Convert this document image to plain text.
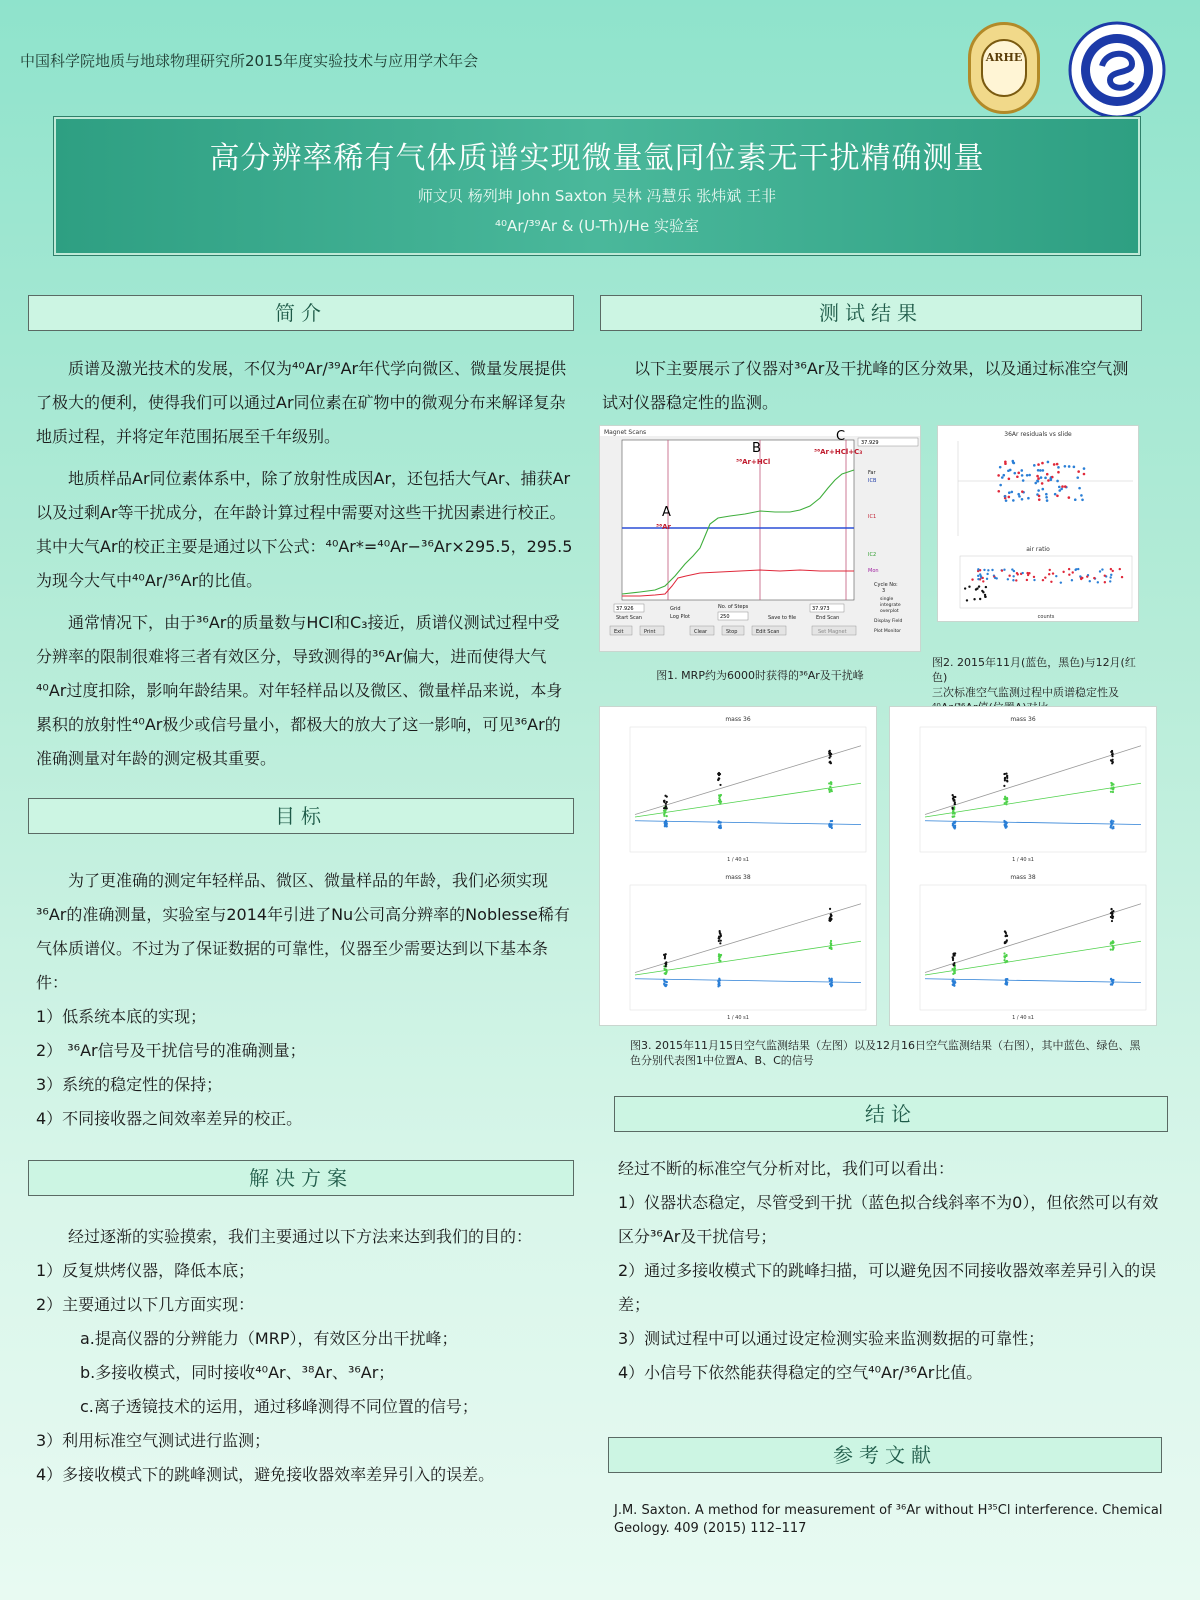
中国科学院地质与地球物理研究所2015年度实验技术与应用学术年会	ARHE
高分辨率稀有气体质谱实现微量氩同位素无干扰精确测量
师文贝 杨列坤 John Saxton 吴林 冯慧乐 张炜斌 王非
⁴⁰Ar/³⁹Ar & (U-Th)/He 实验室
简介

质谱及激光技术的发展，不仅为⁴⁰Ar/³⁹Ar年代学向微区、微量发展提供了极大的便利，使得我们可以通过Ar同位素在矿物中的微观分布来解译复杂地质过程，并将定年范围拓展至千年级别。

地质样品Ar同位素体系中，除了放射性成因Ar，还包括大气Ar、捕获Ar以及过剩Ar等干扰成分，在年龄计算过程中需要对这些干扰因素进行校正。其中大气Ar的校正主要是通过以下公式：⁴⁰Ar*=⁴⁰Ar−³⁶Ar×295.5，295.5为现今大气中⁴⁰Ar/³⁶Ar的比值。

通常情况下，由于³⁶Ar的质量数与HCl和C₃接近，质谱仪测试过程中受分辨率的限制很难将三者有效区分，导致测得的³⁶Ar偏大，进而使得大气⁴⁰Ar过度扣除，影响年龄结果。对年轻样品以及微区、微量样品来说，本身累积的放射性⁴⁰Ar极少或信号量小，都极大的放大了这一影响，可见³⁶Ar的准确测量对年龄的测定极其重要。

目标

为了更准确的测定年轻样品、微区、微量样品的年龄，我们必须实现³⁶Ar的准确测量，实验室与2014年引进了Nu公司高分辨率的Noblesse稀有气体质谱仪。不过为了保证数据的可靠性，仪器至少需要达到以下基本条件：

1）低系统本底的实现；

2） ³⁶Ar信号及干扰信号的准确测量；

3）系统的稳定性的保持；

4）不同接收器之间效率差异的校正。

解决方案

经过逐渐的实验摸索，我们主要通过以下方法来达到我们的目的：

1）反复烘烤仪器，降低本底；

2）主要通过以下几方面实现：

a.提高仪器的分辨能力（MRP），有效区分出干扰峰；

b.多接收模式，同时接收⁴⁰Ar、³⁸Ar、³⁶Ar；

c.离子透镜技术的运用，通过移峰测得不同位置的信号；

3）利用标准空气测试进行监测；

4）多接收模式下的跳峰测试，避免接收器效率差异引入的误差。

测试结果

以下主要展示了仪器对³⁶Ar及干扰峰的区分效果，以及通过标准空气测试对仪器稳定性的监测。

Magnet Scans
A
³⁶Ar
B
³⁶Ar+HCl
C
³⁶Ar+HCl+C₃
37.929
Far
ICB
IC1
IC2
Mon
Cycle No:
3
single
integrate
overplot
Display Field
Plot Monitor
37.926
Start Scan
Grid
Log Plot
No. of Steps
250	Save to file
37.973
End Scan
Exit	Print	Clear	Stop	Edit Scan	Set Magnet
图1. MRP约为6000时获得的³⁶Ar及干扰峰
36Ar residuals vs slide
air ratio
counts
图2. 2015年11月(蓝色，黑色)与12月(红色)
三次标准空气监测过程中质谱稳定性及
mass 36
1 / 40 s1
mass 38
1 / 40 s1
mass 36
1 / 40 s1
mass 38
1 / 40 s1
图3. 2015年11月15日空气监测结果（左图）以及12月16日空气监测结果（右图），其中蓝色、绿色、黑色分别代表图1中位置A、B、C的信号
结论

经过不断的标准空气分析对比，我们可以看出：

1）仪器状态稳定，尽管受到干扰（蓝色拟合线斜率不为0），但依然可以有效区分³⁶Ar及干扰信号；

2）通过多接收模式下的跳峰扫描，可以避免因不同接收器效率差异引入的误差；

3）测试过程中可以通过设定检测实验来监测数据的可靠性；

4）小信号下依然能获得稳定的空气⁴⁰Ar/³⁶Ar比值。

参考文献
J.M. Saxton. A method for measurement of ³⁶Ar without H³⁵Cl interference. Chemical Geology. 409 (2015) 112–117
